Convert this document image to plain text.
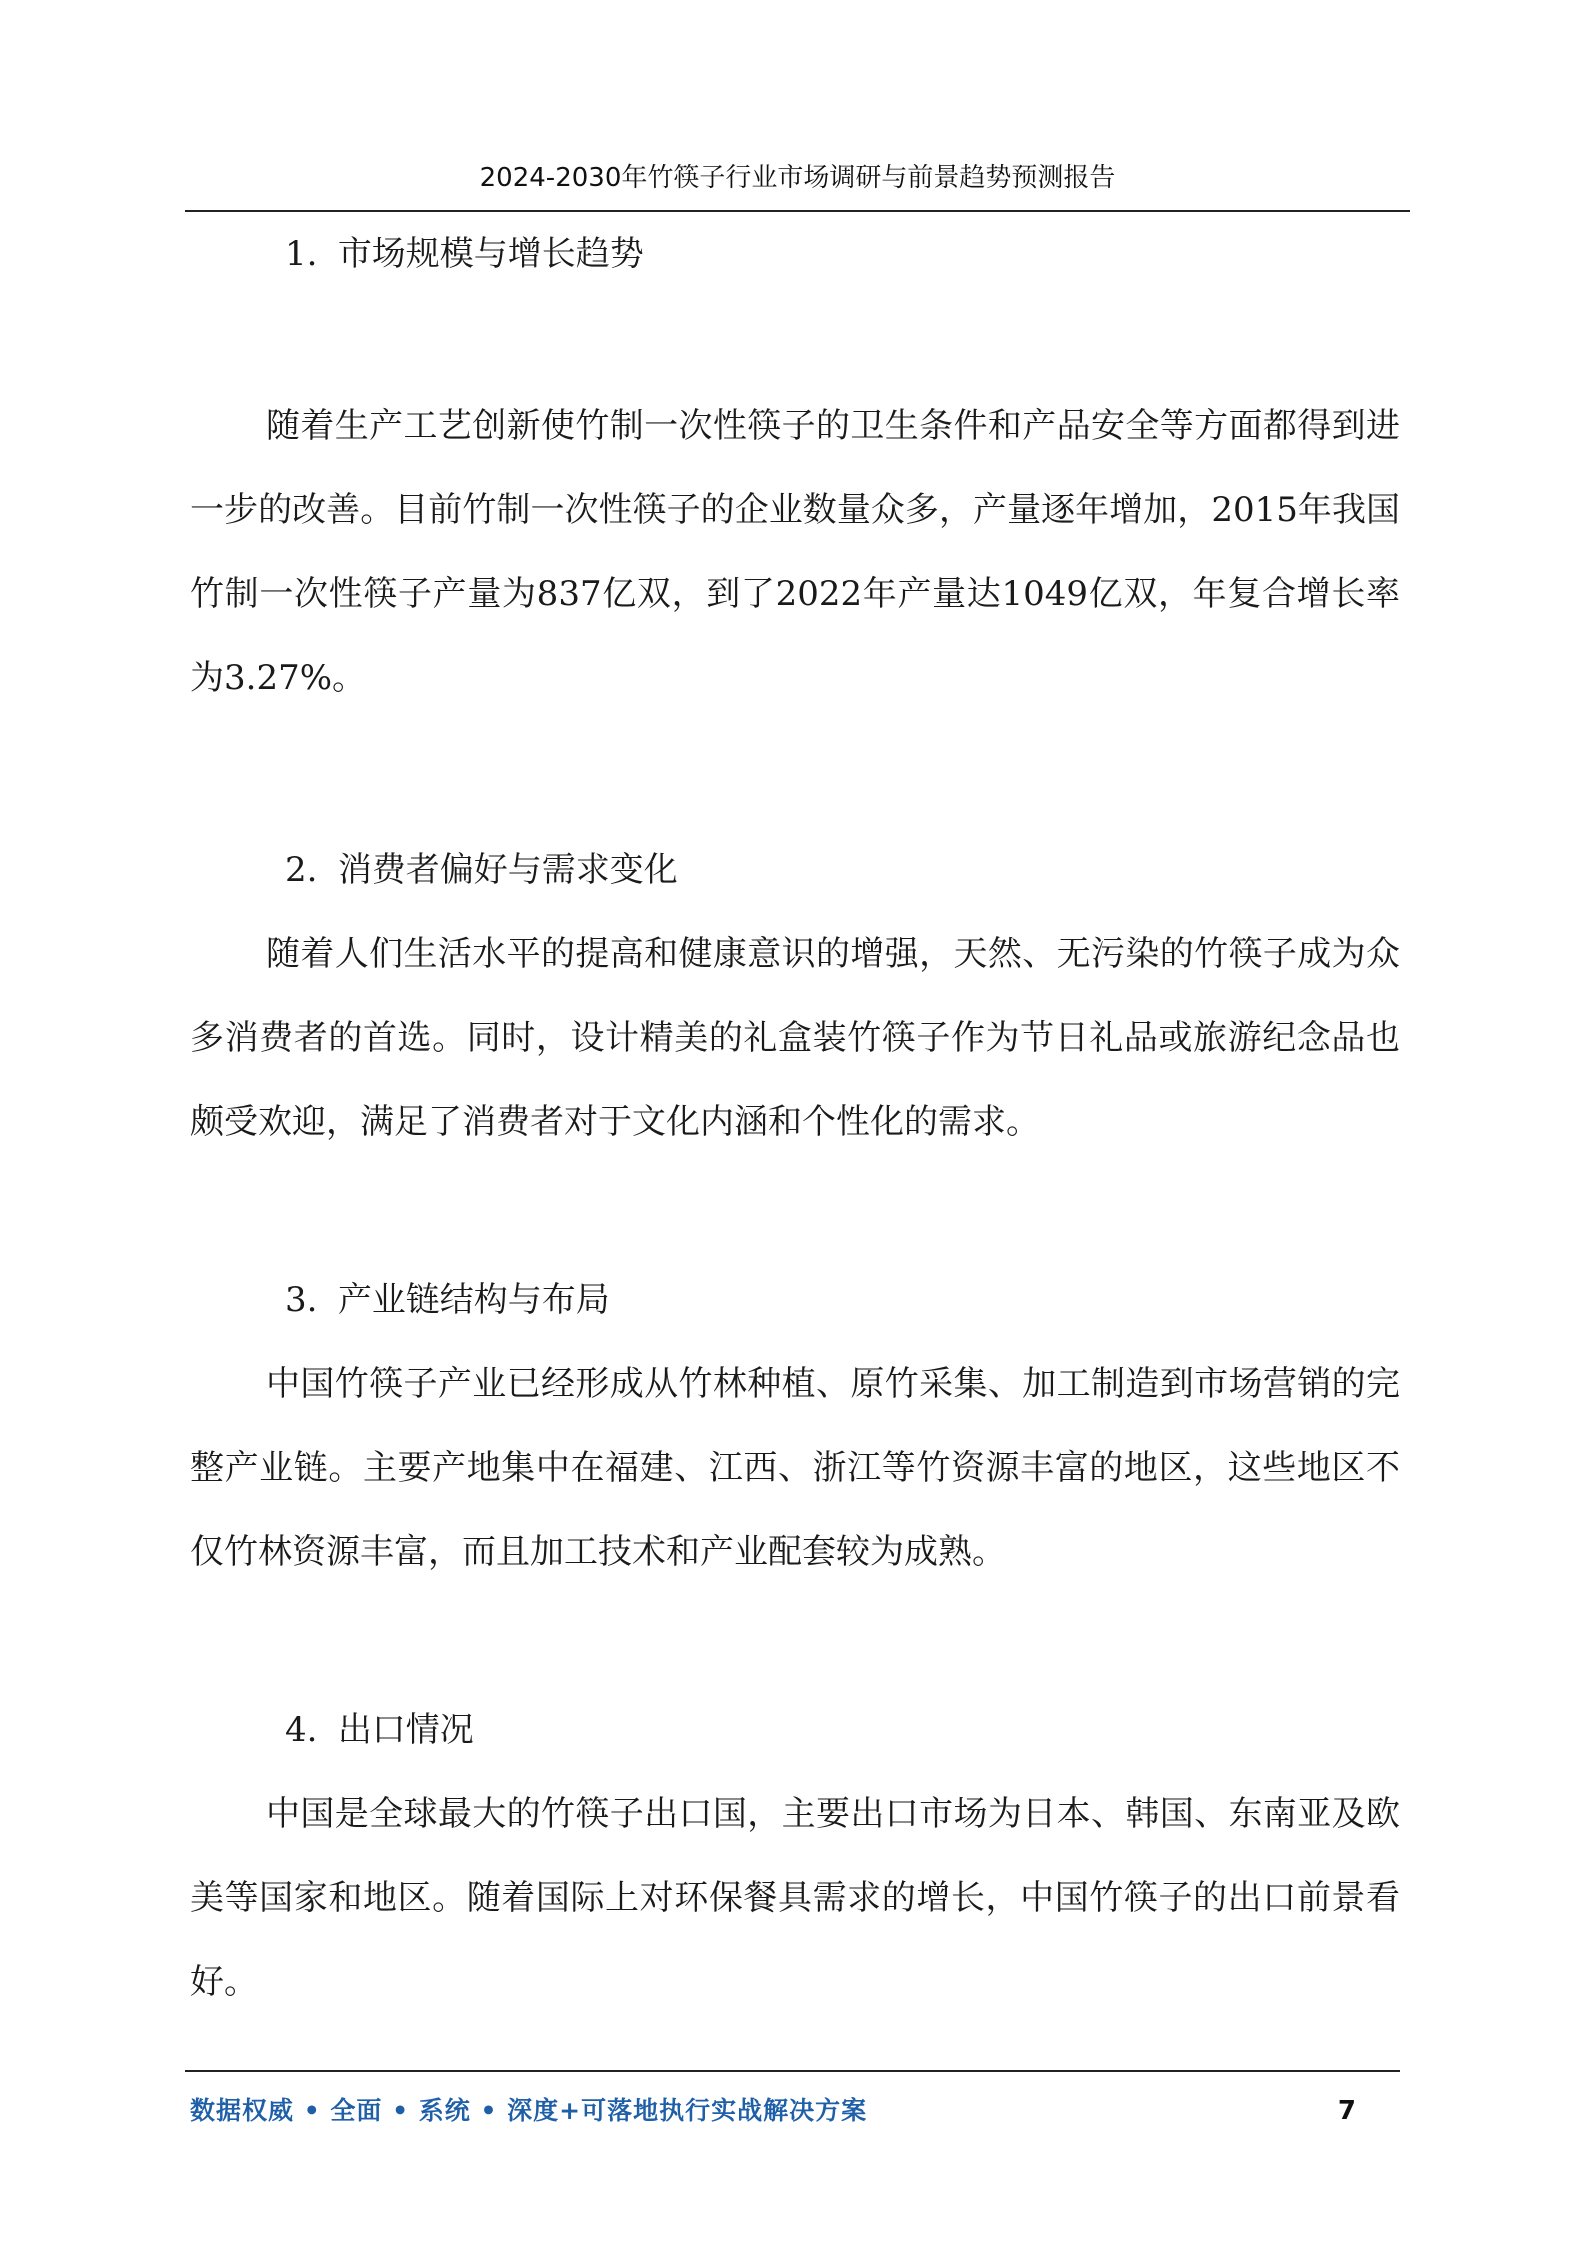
2024-2030年竹筷子行业市场调研与前景趋势预测报告

1. 市场规模与增长趋势

随着生产工艺创新使竹制一次性筷子的卫生条件和产品安全等方面都得到进一步的改善。目前竹制一次性筷子的企业数量众多，产量逐年增加，2015年我国竹制一次性筷子产量为837亿双，到了2022年产量达1049亿双，年复合增长率为3.27%。

2. 消费者偏好与需求变化

随着人们生活水平的提高和健康意识的增强，天然、无污染的竹筷子成为众多消费者的首选。同时，设计精美的礼盒装竹筷子作为节日礼品或旅游纪念品也颇受欢迎，满足了消费者对于文化内涵和个性化的需求。

3. 产业链结构与布局

中国竹筷子产业已经形成从竹林种植、原竹采集、加工制造到市场营销的完整产业链。主要产地集中在福建、江西、浙江等竹资源丰富的地区，这些地区不仅竹林资源丰富，而且加工技术和产业配套较为成熟。

4. 出口情况

中国是全球最大的竹筷子出口国，主要出口市场为日本、韩国、东南亚及欧美等国家和地区。随着国际上对环保餐具需求的增长，中国竹筷子的出口前景看好。

数据权威 • 全面 • 系统 • 深度+可落地执行实战解决方案	7
